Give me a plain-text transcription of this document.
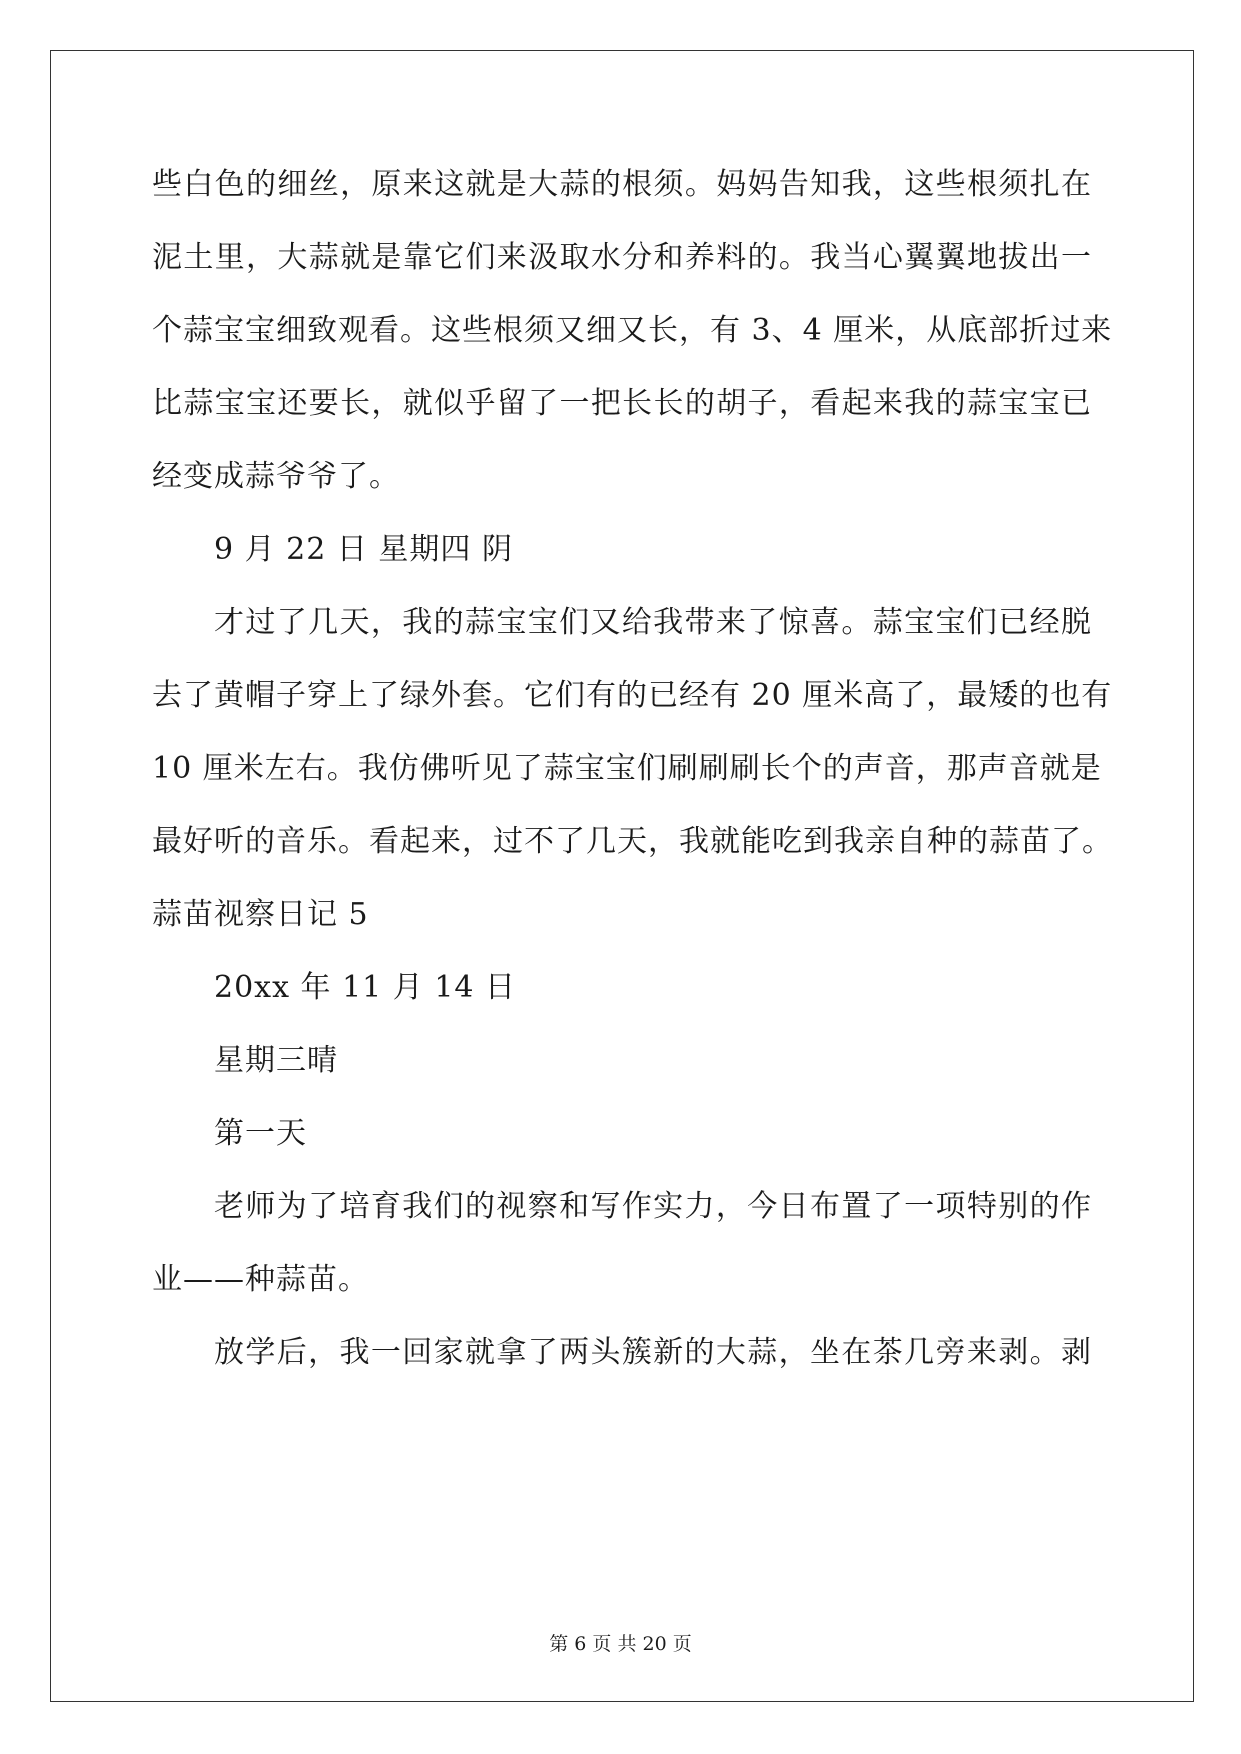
些白色的细丝，原来这就是大蒜的根须。妈妈告知我，这些根须扎在
泥土里，大蒜就是靠它们来汲取水分和养料的。我当心翼翼地拔出一
个蒜宝宝细致观看。这些根须又细又长，有 3、4 厘米，从底部折过来
比蒜宝宝还要长，就似乎留了一把长长的胡子，看起来我的蒜宝宝已
经变成蒜爷爷了。
9 月 22 日 星期四 阴
才过了几天，我的蒜宝宝们又给我带来了惊喜。蒜宝宝们已经脱
去了黄帽子穿上了绿外套。它们有的已经有 20 厘米高了，最矮的也有
10 厘米左右。我仿佛听见了蒜宝宝们刷刷刷长个的声音，那声音就是
最好听的音乐。看起来，过不了几天，我就能吃到我亲自种的蒜苗了。
蒜苗视察日记 5
20xx 年 11 月 14 日
星期三晴
第一天
老师为了培育我们的视察和写作实力，今日布置了一项特别的作
业——种蒜苗。
放学后，我一回家就拿了两头簇新的大蒜，坐在茶几旁来剥。剥
第 6 页 共 20 页
